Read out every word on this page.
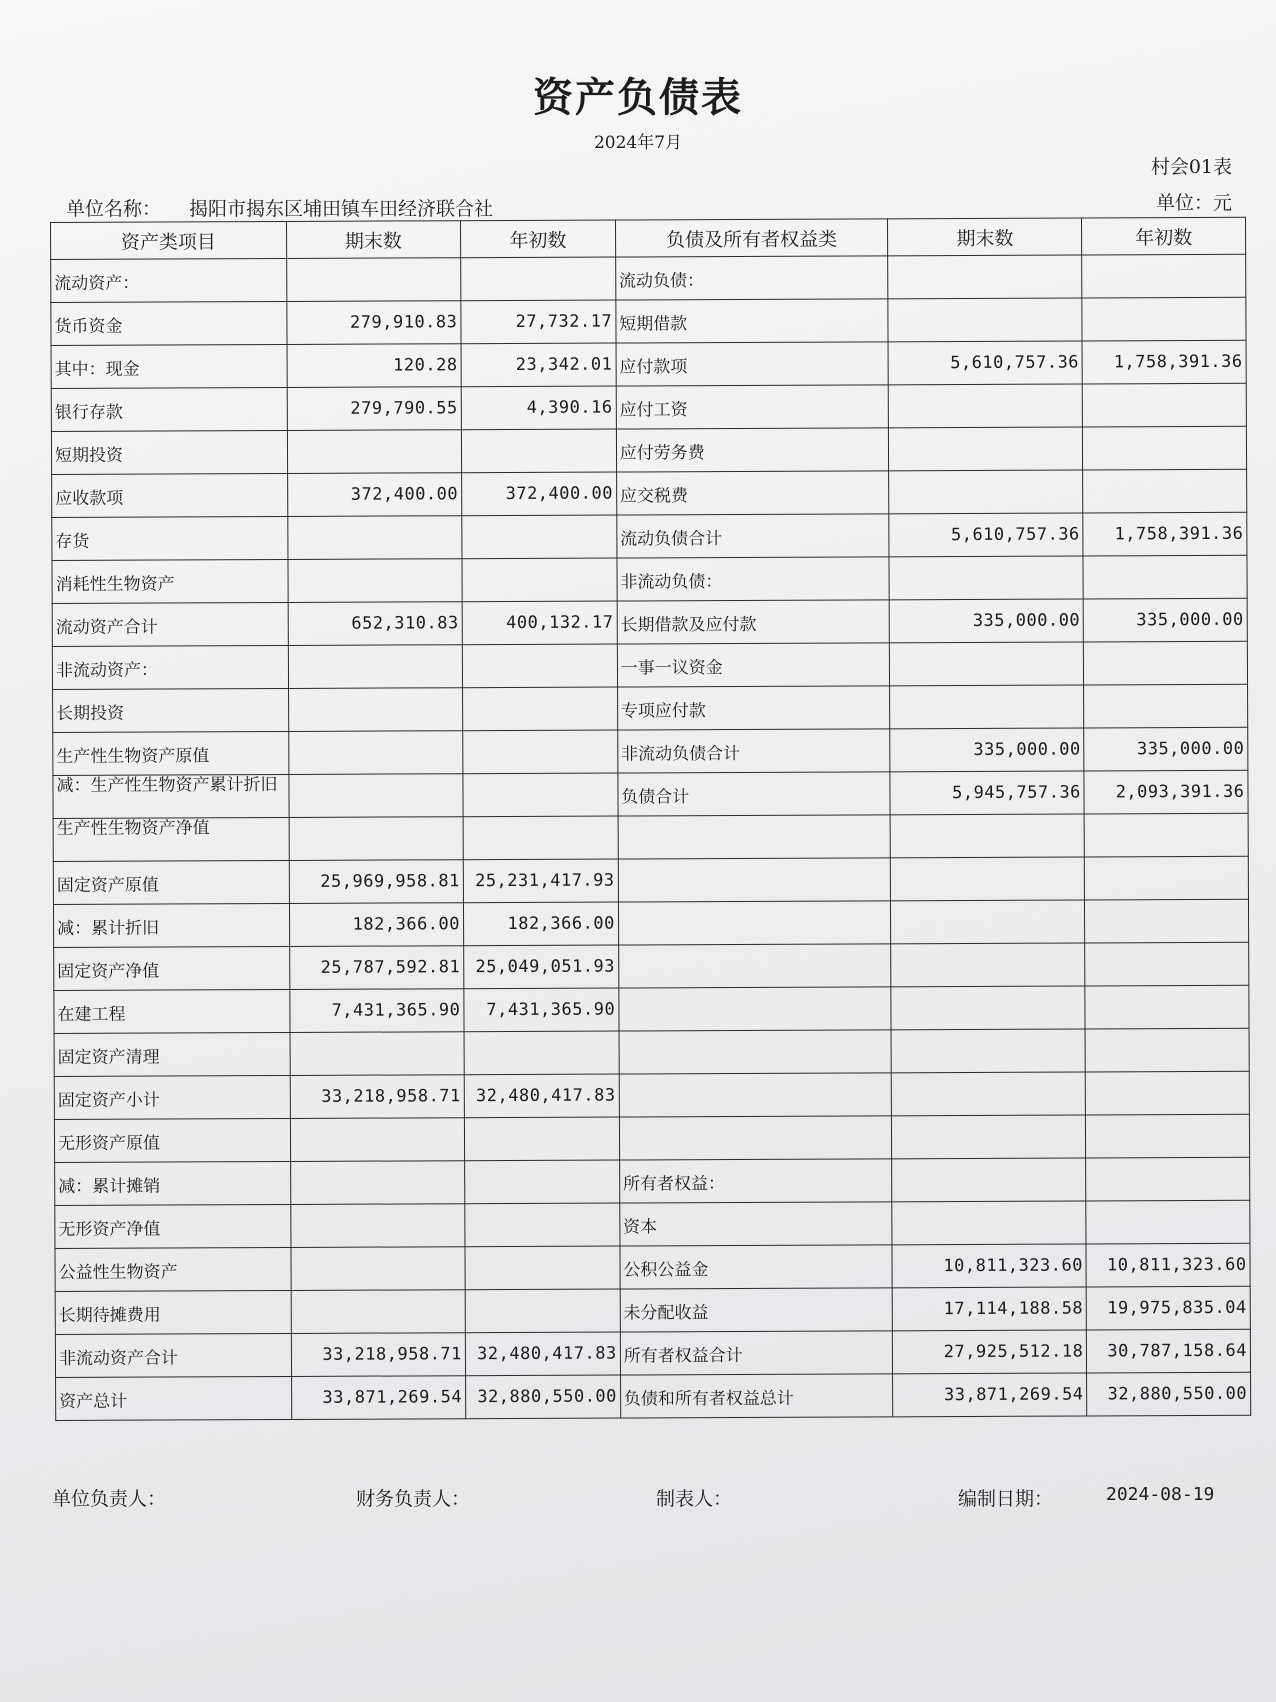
资产负债表
2024年7月
村会01表
单位名称： 揭阳市揭东区埔田镇车田经济联合社	单位：元
资产类项目	期末数	年初数	负债及所有者权益类	期末数	年初数
流动资产：			流动负债：		
货币资金	279,910.83	27,732.17	短期借款		
其中：现金	120.28	23,342.01	应付款项	5,610,757.36	1,758,391.36
银行存款	279,790.55	4,390.16	应付工资		
短期投资			应付劳务费		
应收款项	372,400.00	372,400.00	应交税费		
存货			流动负债合计	5,610,757.36	1,758,391.36
消耗性生物资产			非流动负债：		
流动资产合计	652,310.83	400,132.17	长期借款及应付款	335,000.00	335,000.00
非流动资产：			一事一议资金		
长期投资			专项应付款		
生产性生物资产原值			非流动负债合计	335,000.00	335,000.00
减：生产性生物资产累计折旧			负债合计	5,945,757.36	2,093,391.36
生产性生物资产净值					
固定资产原值	25,969,958.81	25,231,417.93			
减：累计折旧	182,366.00	182,366.00			
固定资产净值	25,787,592.81	25,049,051.93			
在建工程	7,431,365.90	7,431,365.90			
固定资产清理					
固定资产小计	33,218,958.71	32,480,417.83			
无形资产原值					
减：累计摊销			所有者权益：		
无形资产净值			资本		
公益性生物资产			公积公益金	10,811,323.60	10,811,323.60
长期待摊费用			未分配收益	17,114,188.58	19,975,835.04
非流动资产合计	33,218,958.71	32,480,417.83	所有者权益合计	27,925,512.18	30,787,158.64
资产总计	33,871,269.54	32,880,550.00	负债和所有者权益总计	33,871,269.54	32,880,550.00
单位负责人：	财务负责人：	制表人：	编制日期：	2024-08-19
